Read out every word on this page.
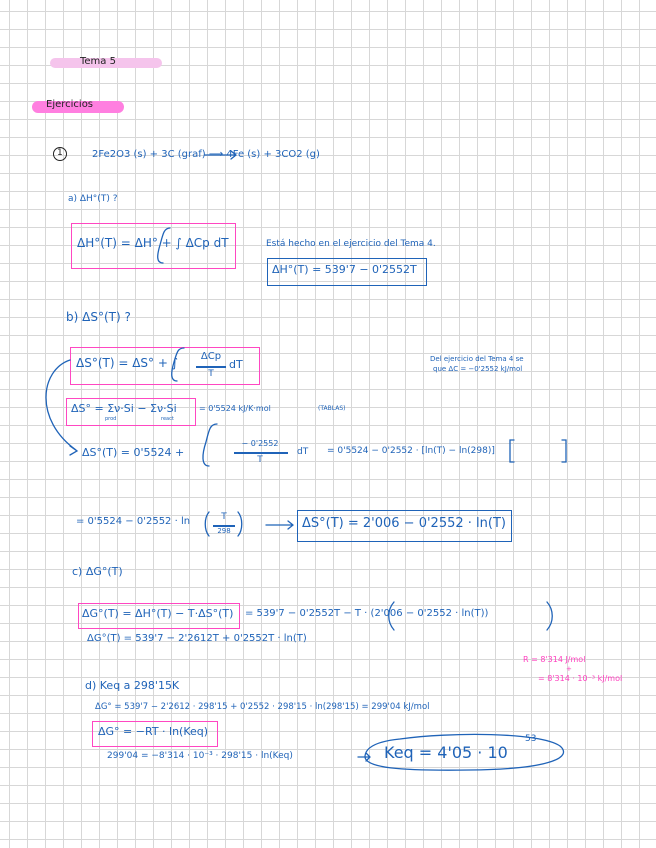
Tema 5
Ejercicios
1	2Fe2O3 (s) + 3C (graf) ⟶ 4Fe (s) + 3CO2 (g)
a) ΔH°(T) ?
ΔH°(T) = ΔH° + ∫ ΔCp dT	Está hecho en el ejercicio del Tema 4.
ΔH°(T) = 539'7 − 0'2552T
b) ΔS°(T) ?
ΔS°(T) = ΔS° + ∫	ΔCp
T
dT	Del ejercicio del Tema 4 se
que ΔC = −0'2552 kJ/mol
ΔS° = Σν·Si − Σν·Si
prod	react
= 0'5524 kJ/K·mol	(TABLAS)
ΔS°(T) = 0'5524 +
− 0'2552
T
dT = 0'5524 − 0'2552 · [ln(T) − ln(298)]
= 0'5524 − 0'2552 · ln	T
298	ΔS°(T) = 2'006 − 0'2552 · ln(T)
c) ΔG°(T)
ΔG°(T) = ΔH°(T) − T·ΔS°(T) = 539'7 − 0'2552T − T · (2'006 − 0'2552 · ln(T))
ΔG°(T) = 539'7 − 2'2612T + 0'2552T · ln(T)
R = 8'314 J/mol
+
= 8'314 · 10⁻³ kJ/mol
d) Keq a 298'15K
ΔG° = 539'7 − 2'2612 · 298'15 + 0'2552 · 298'15 · ln(298'15) = 299'04 kJ/mol
ΔG° = −RT · ln(Keq)
299'04 = −8'314 · 10⁻³ · 298'15 · ln(Keq)	Keq = 4'05 · 10
53
